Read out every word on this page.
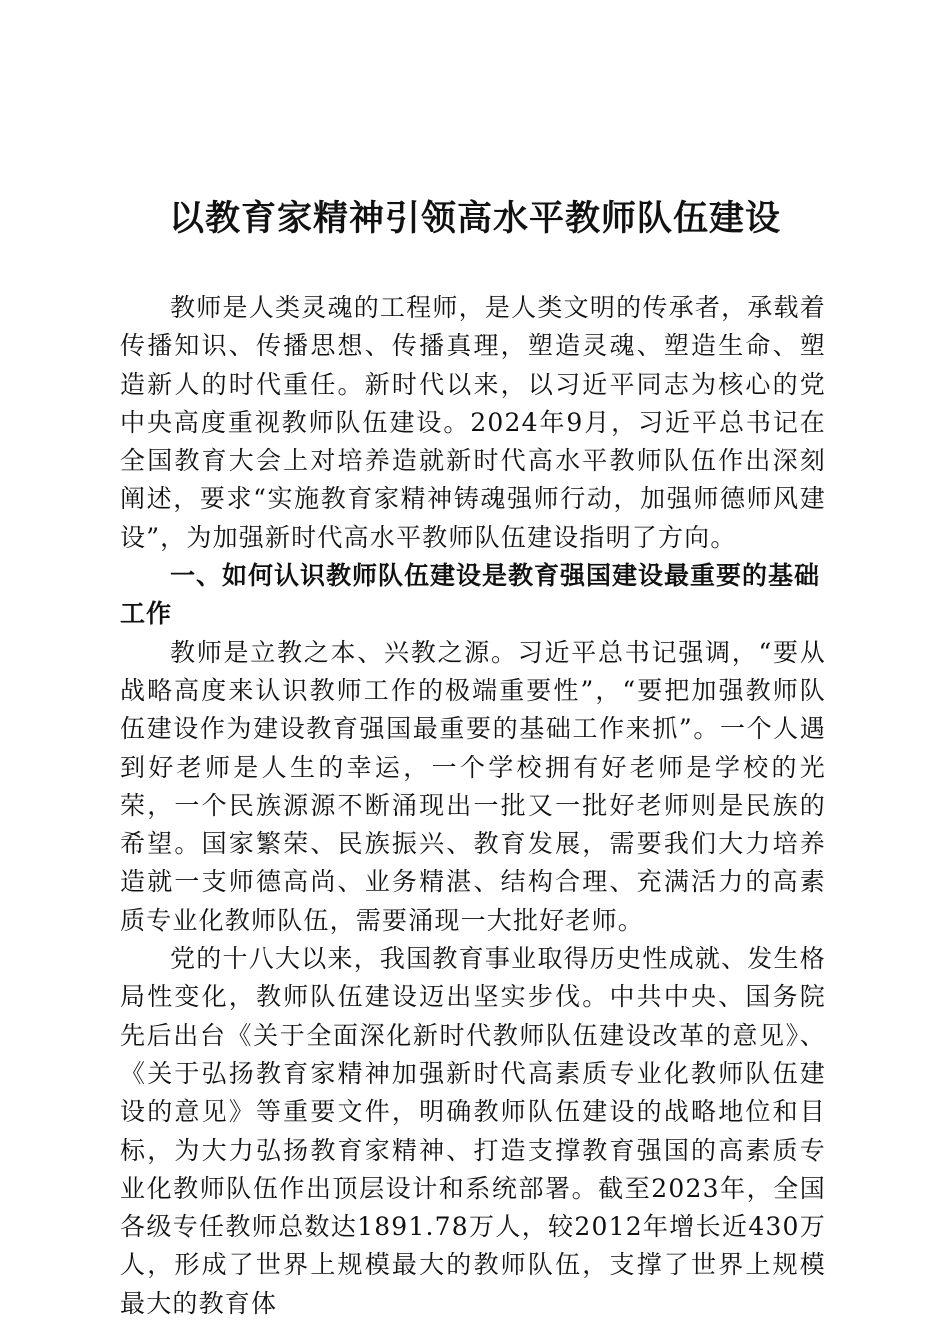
以教育家精神引领高水平教师队伍建设

教师是人类灵魂的工程师，是人类文明的传承者，承载着传播知识、传播思想、传播真理，塑造灵魂、塑造生命、塑造新人的时代重任。新时代以来，以习近平同志为核心的党中央高度重视教师队伍建设。2024年9月，习近平总书记在全国教育大会上对培养造就新时代高水平教师队伍作出深刻阐述，要求“实施教育家精神铸魂强师行动，加强师德师风建设”，为加强新时代高水平教师队伍建设指明了方向。

一、如何认识教师队伍建设是教育强国建设最重要的基础工作

教师是立教之本、兴教之源。习近平总书记强调，“要从战略高度来认识教师工作的极端重要性”，“要把加强教师队伍建设作为建设教育强国最重要的基础工作来抓”。一个人遇到好老师是人生的幸运，一个学校拥有好老师是学校的光荣，一个民族源源不断涌现出一批又一批好老师则是民族的希望。国家繁荣、民族振兴、教育发展，需要我们大力培养造就一支师德高尚、业务精湛、结构合理、充满活力的高素质专业化教师队伍，需要涌现一大批好老师。

党的十八大以来，我国教育事业取得历史性成就、发生格局性变化，教师队伍建设迈出坚实步伐。中共中央、国务院先后出台《关于全面深化新时代教师队伍建设改革的意见》、《关于弘扬教育家精神加强新时代高素质专业化教师队伍建设的意见》等重要文件，明确教师队伍建设的战略地位和目标，为大力弘扬教育家精神、打造支撑教育强国的高素质专业化教师队伍作出顶层设计和系统部署。截至2023年，全国各级专任教师总数达1891.78万人，较2012年增长近430万人，形成了世界上规模最大的教师队伍，支撑了世界上规模最大的教育体
